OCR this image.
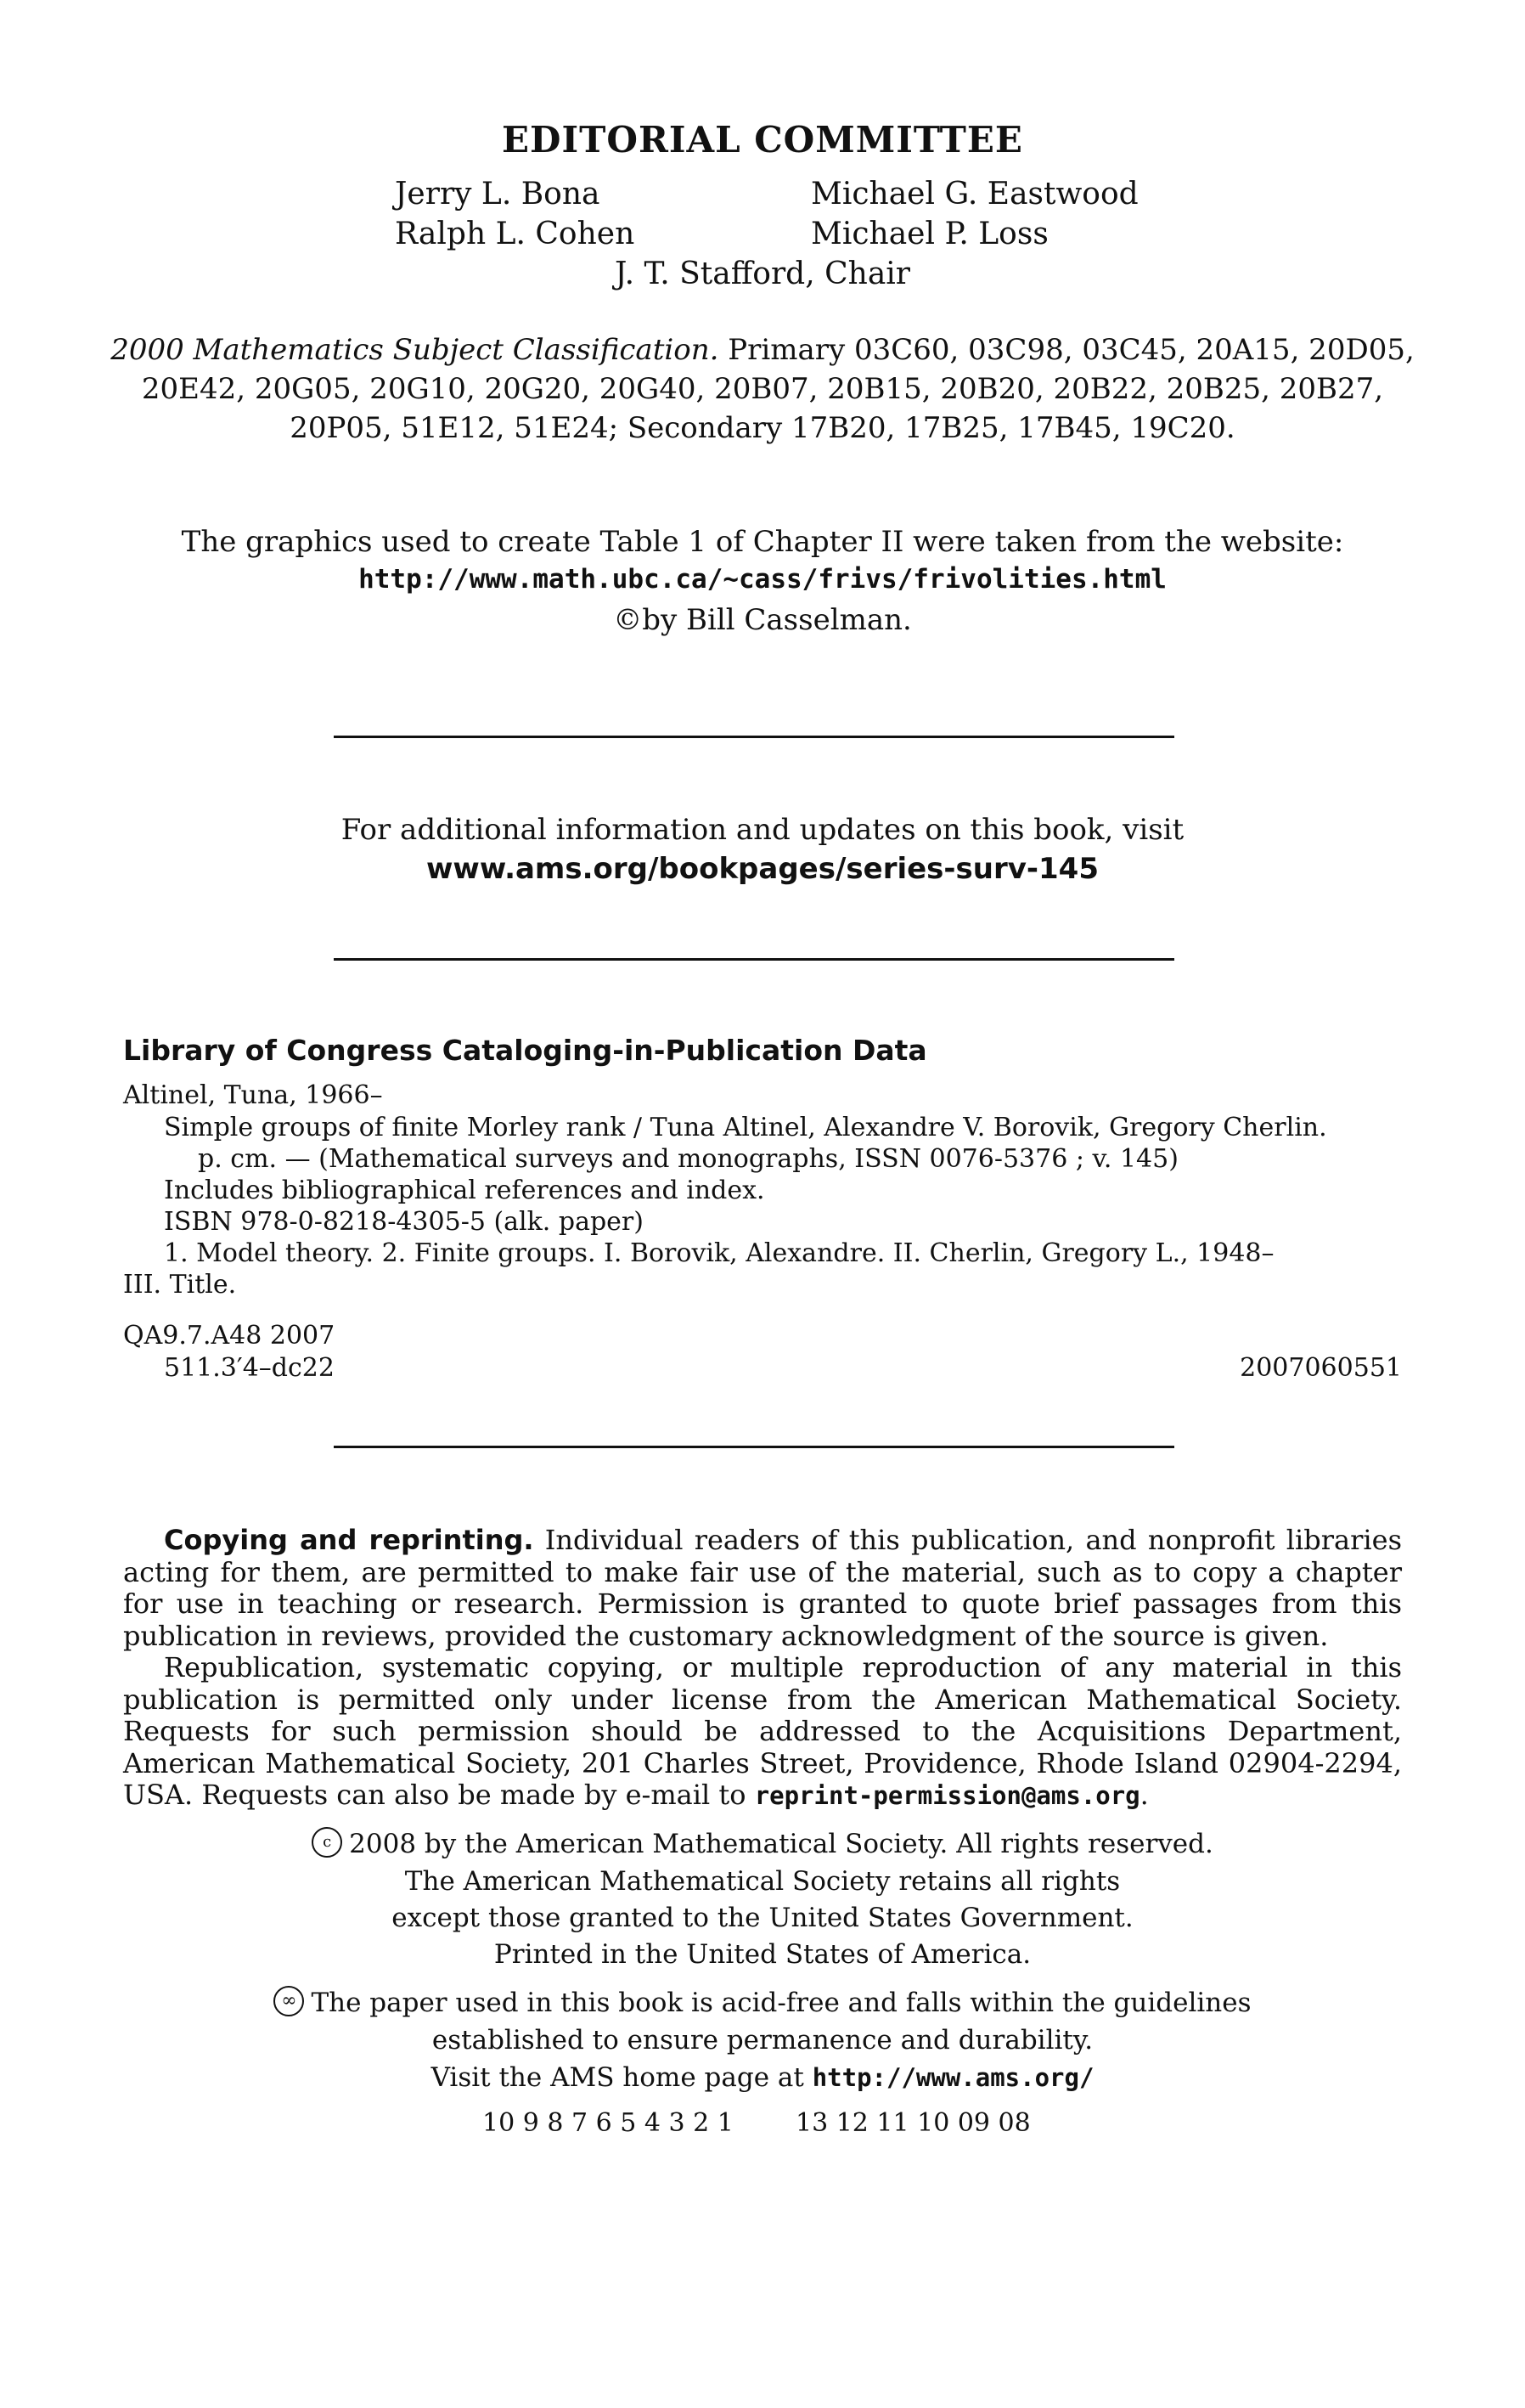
EDITORIAL COMMITTEE
Jerry L. Bona	Michael G. Eastwood
Ralph L. Cohen	Michael P. Loss
J. T. Stafford, Chair
2000 Mathematics Subject Classification. Primary 03C60, 03C98, 03C45, 20A15, 20D05,
20E42, 20G05, 20G10, 20G20, 20G40, 20B07, 20B15, 20B20, 20B22, 20B25, 20B27,
20P05, 51E12, 51E24; Secondary 17B20, 17B25, 17B45, 19C20.
The graphics used to create Table 1 of Chapter II were taken from the website:
http://www.math.ubc.ca/~cass/frivs/frivolities.html
©by Bill Casselman.
For additional information and updates on this book, visit
www.ams.org/bookpages/series-surv-145
Library of Congress Cataloging-in-Publication Data
Altinel, Tuna, 1966–
Simple groups of finite Morley rank / Tuna Altinel, Alexandre V. Borovik, Gregory Cherlin.
p. cm. — (Mathematical surveys and monographs, ISSN 0076-5376 ; v. 145)
Includes bibliographical references and index.
ISBN 978-0-8218-4305-5 (alk. paper)
1. Model theory. 2. Finite groups. I. Borovik, Alexandre. II. Cherlin, Gregory L., 1948–
III. Title.
QA9.7.A48 2007
511.3′4–dc22	2007060551
Copying and reprinting. Individual readers of this publication, and nonprofit libraries acting for them, are permitted to make fair use of the material, such as to copy a chapter for use in teaching or research. Permission is granted to quote brief passages from this publication in reviews, provided the customary acknowledgment of the source is given.
Republication, systematic copying, or multiple reproduction of any material in this publication is permitted only under license from the American Mathematical Society. Requests for such permission should be addressed to the Acquisitions Department, American Mathematical Society, 201 Charles Street, Providence, Rhode Island 02904-2294, USA. Requests can also be made by e-mail to reprint-permission@ams.org.
c 2008 by the American Mathematical Society. All rights reserved.
The American Mathematical Society retains all rights
except those granted to the United States Government.
Printed in the United States of America.
∞ The paper used in this book is acid-free and falls within the guidelines
established to ensure permanence and durability.
Visit the AMS home page at http://www.ams.org/
10 9 8 7 6 5 4 3 2 1 13 12 11 10 09 08
